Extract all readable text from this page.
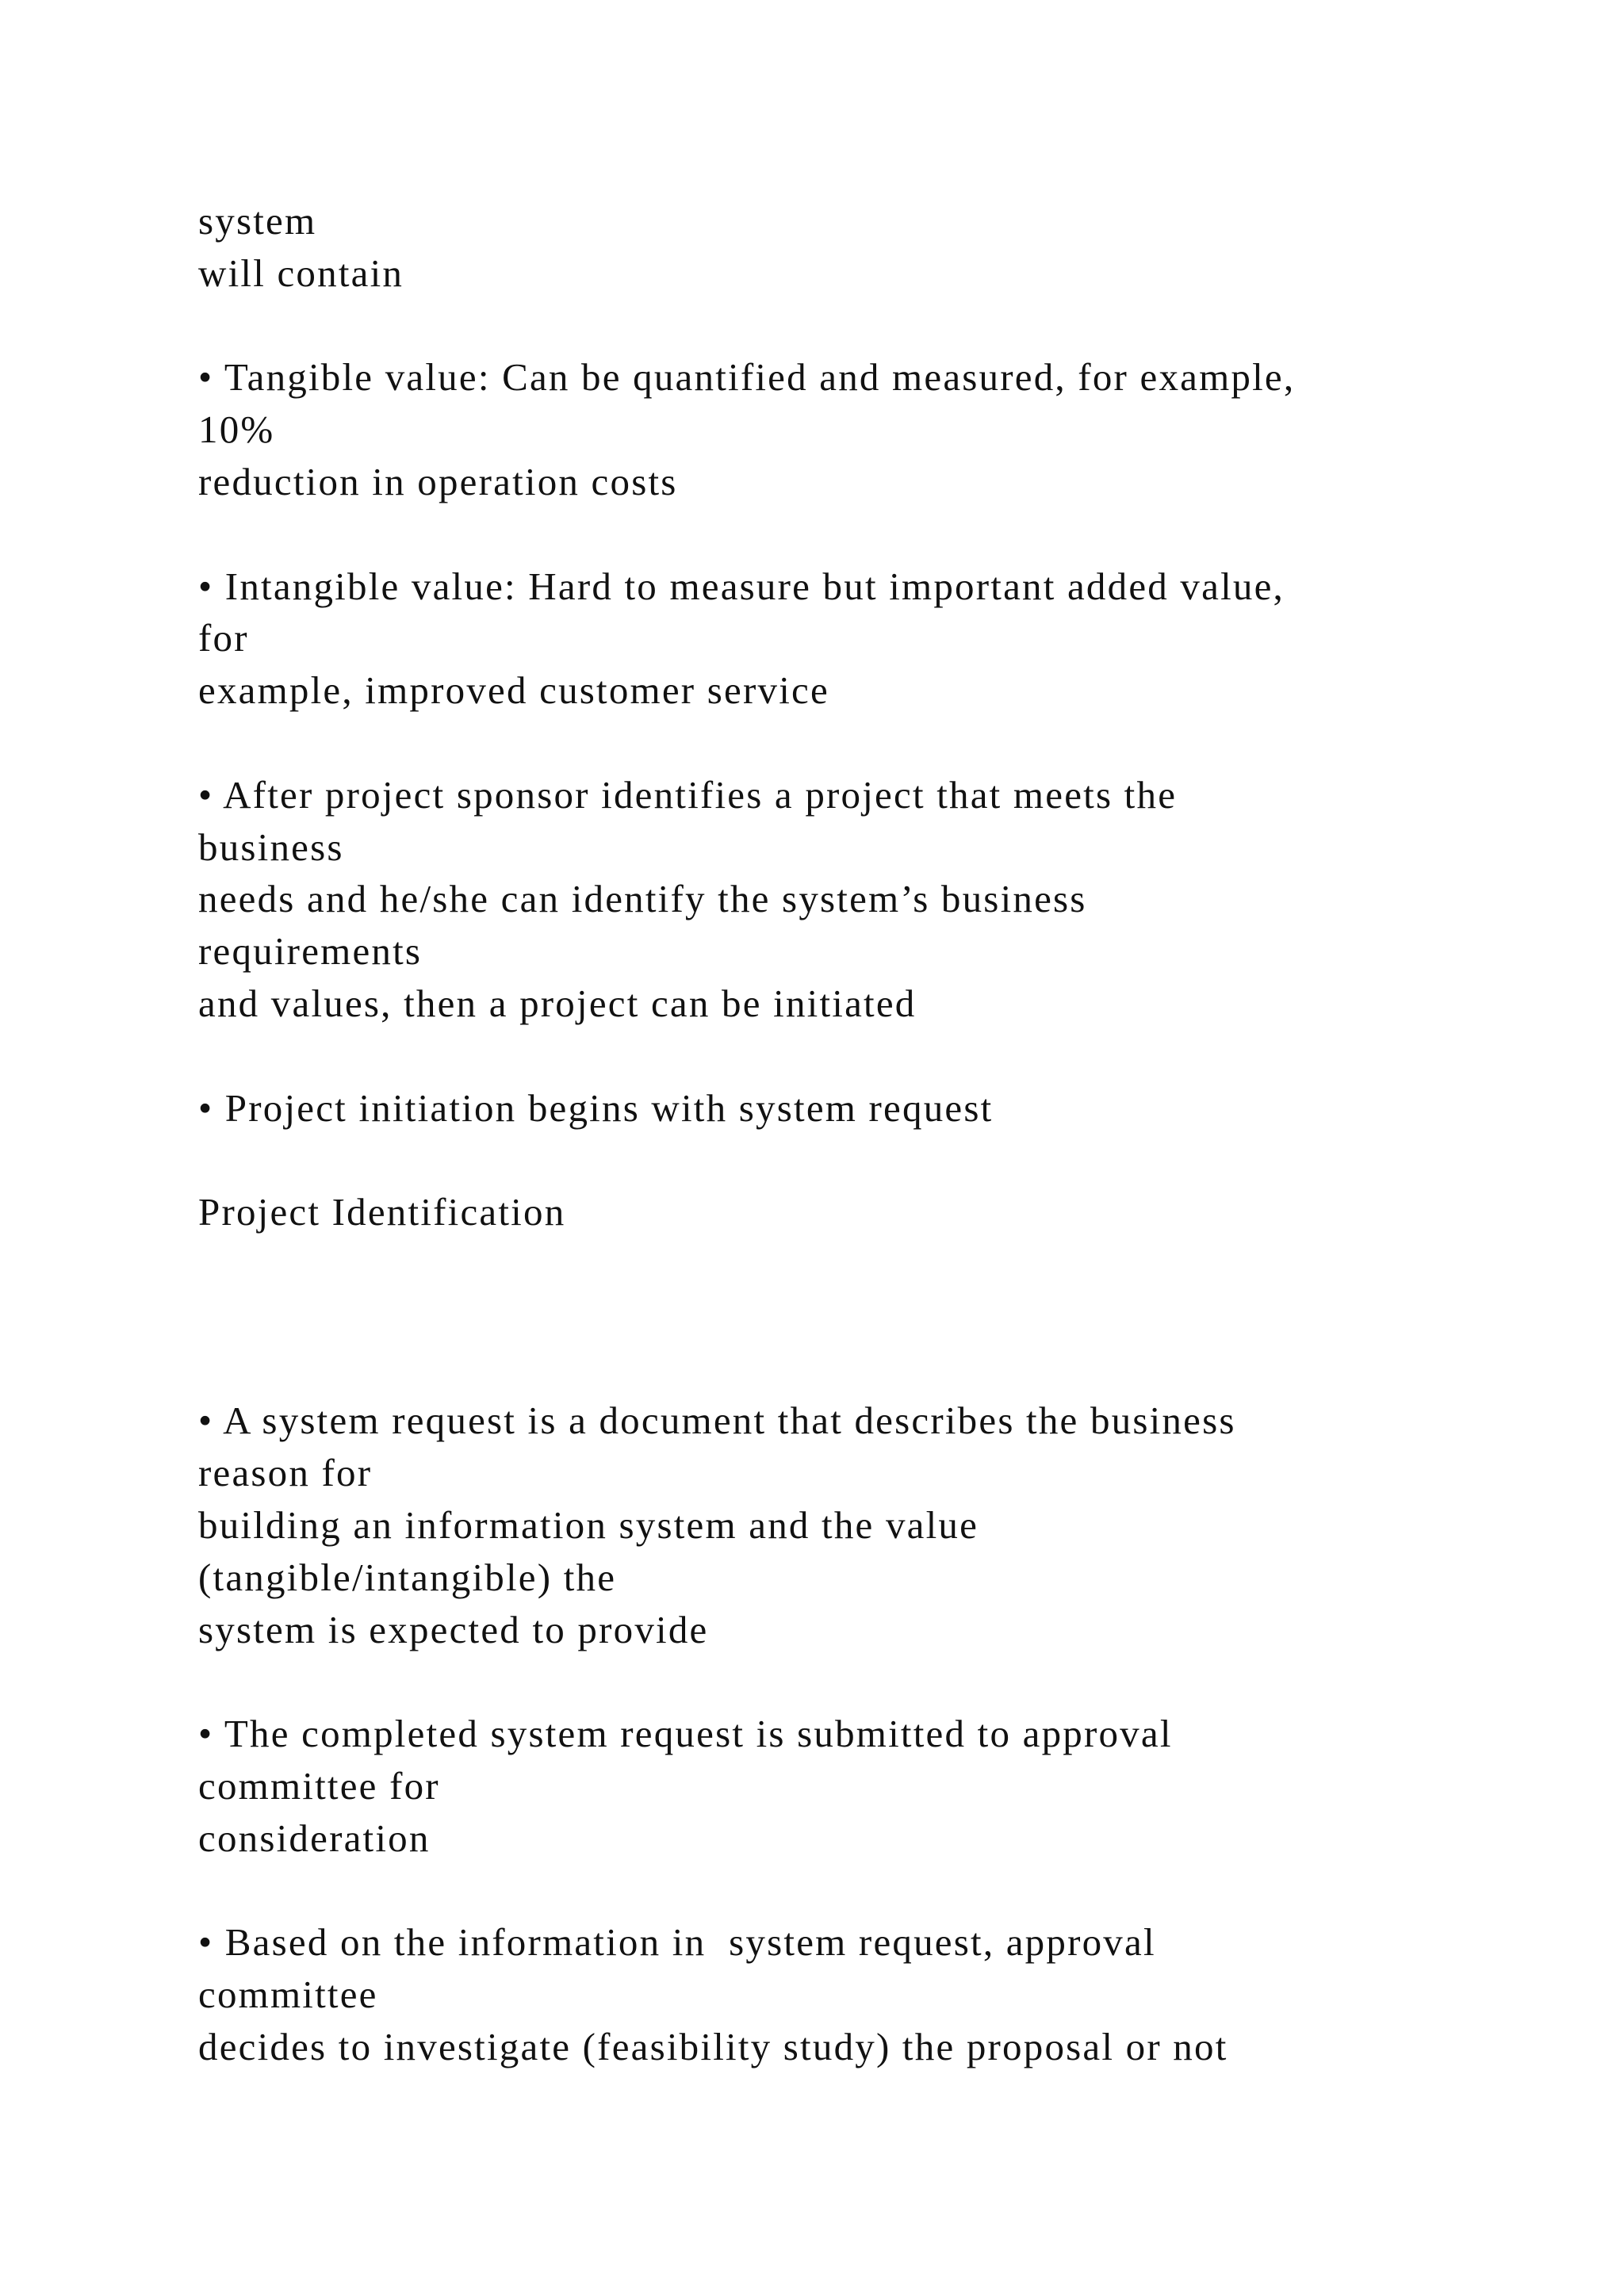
system
will contain
• Tangible value: Can be quantified and measured, for example,
10%
reduction in operation costs
• Intangible value: Hard to measure but important added value,
for
example, improved customer service
• After project sponsor identifies a project that meets the
business
needs and he/she can identify the system’s business
requirements
and values, then a project can be initiated
• Project initiation begins with system request
Project Identification
• A system request is a document that describes the business
reason for
building an information system and the value
(tangible/intangible) the
system is expected to provide
• The completed system request is submitted to approval
committee for
consideration
• Based on the information in  system request, approval
committee
decides to investigate (feasibility study) the proposal or not
